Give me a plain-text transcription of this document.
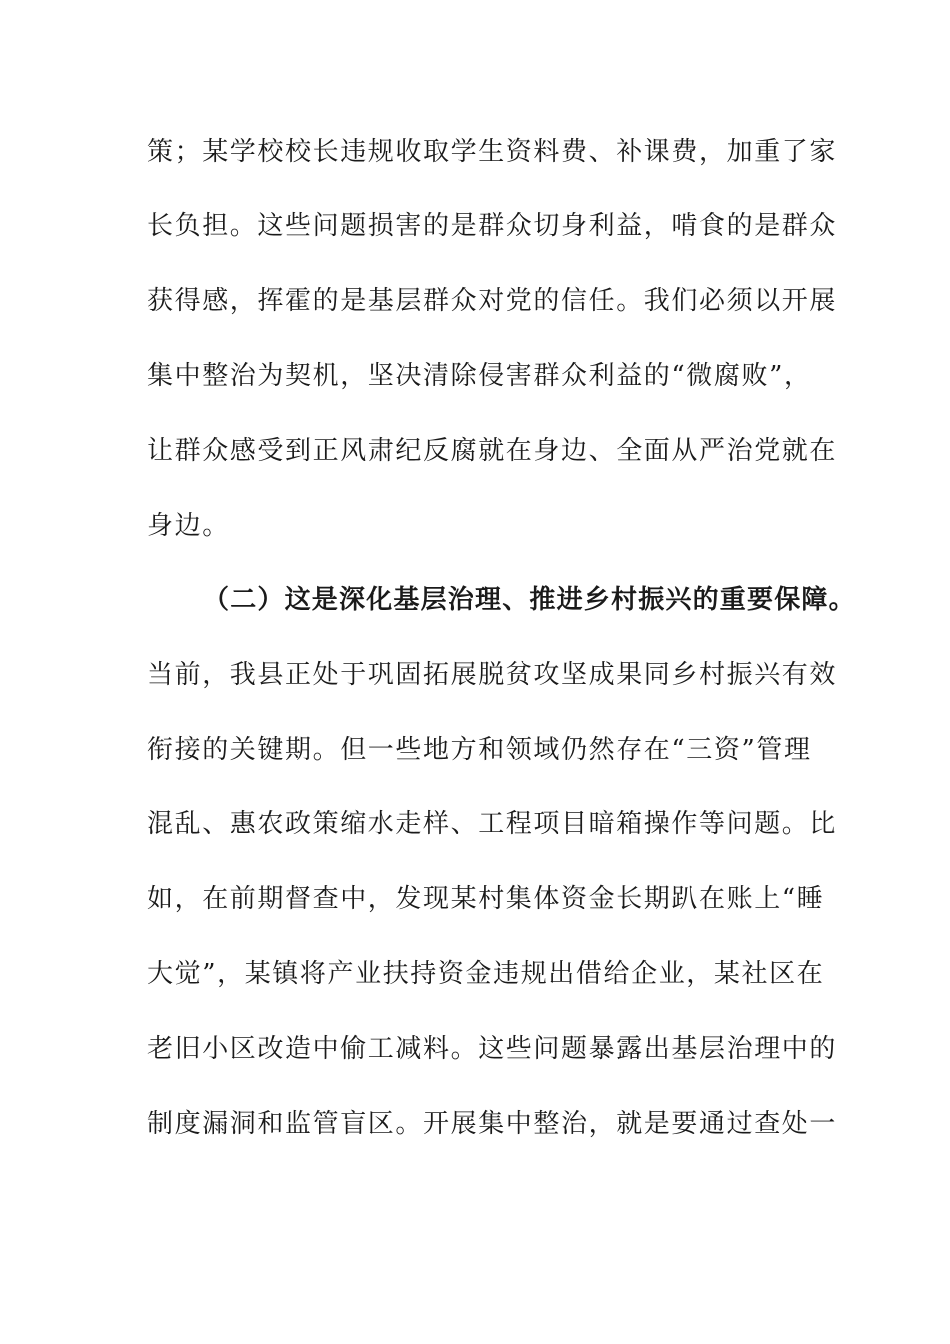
策；某学校校长违规收取学生资料费、补课费，加重了家
长负担。这些问题损害的是群众切身利益，啃食的是群众
获得感，挥霍的是基层群众对党的信任。我们必须以开展
集中整治为契机，坚决清除侵害群众利益的“微腐败”，
让群众感受到正风肃纪反腐就在身边、全面从严治党就在
身边。
（二）这是深化基层治理、推进乡村振兴的重要保障。
当前，我县正处于巩固拓展脱贫攻坚成果同乡村振兴有效
衔接的关键期。但一些地方和领域仍然存在“三资”管理
混乱、惠农政策缩水走样、工程项目暗箱操作等问题。比
如，在前期督查中，发现某村集体资金长期趴在账上“睡
大觉”，某镇将产业扶持资金违规出借给企业，某社区在
老旧小区改造中偷工减料。这些问题暴露出基层治理中的
制度漏洞和监管盲区。开展集中整治，就是要通过查处一
